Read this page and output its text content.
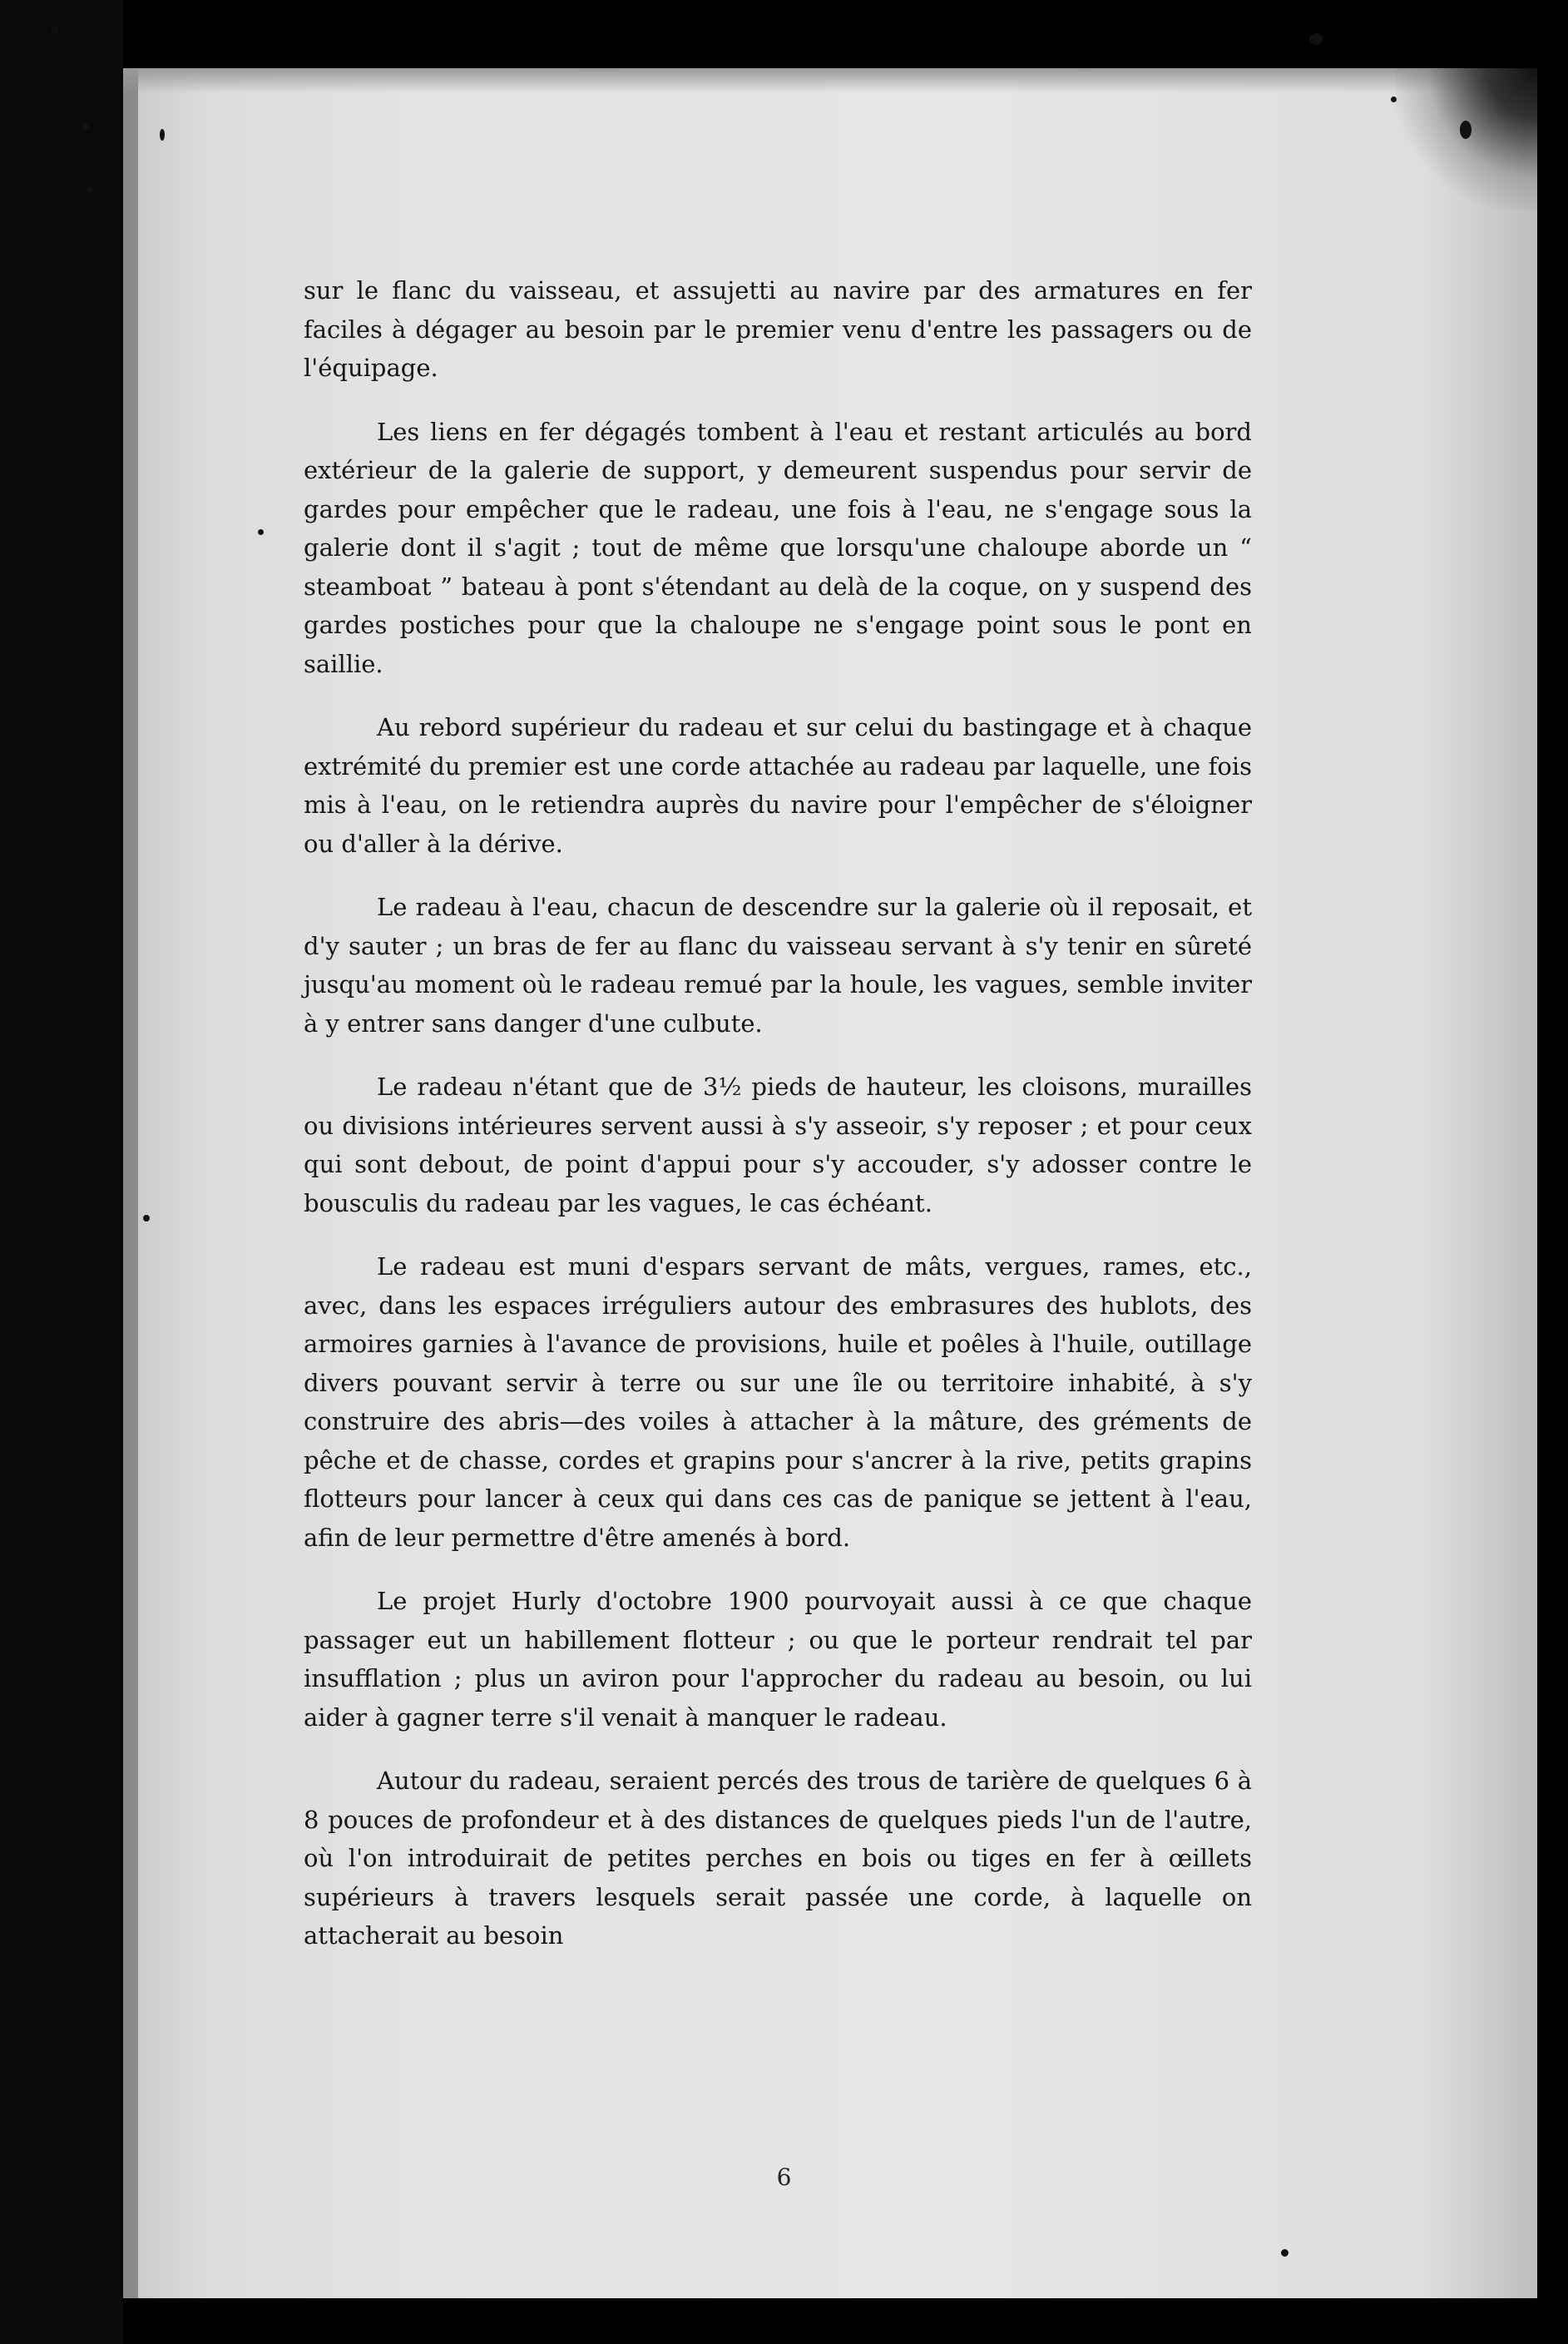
sur le flanc du vaisseau, et assujetti au navire par des armatures en fer faciles à dégager au besoin par le premier venu d'entre les passagers ou de l'équipage.

Les liens en fer dégagés tombent à l'eau et restant articulés au bord extérieur de la galerie de support, y demeurent suspendus pour servir de gardes pour empêcher que le radeau, une fois à l'eau, ne s'engage sous la galerie dont il s'agit ; tout de même que lorsqu'une chaloupe aborde un “ steamboat ” bateau à pont s'étendant au delà de la coque, on y suspend des gardes postiches pour que la chaloupe ne s'engage point sous le pont en saillie.

Au rebord supérieur du radeau et sur celui du bastingage et à chaque extrémité du premier est une corde attachée au radeau par laquelle, une fois mis à l'eau, on le retiendra auprès du navire pour l'empêcher de s'éloigner ou d'aller à la dérive.

Le radeau à l'eau, chacun de descendre sur la galerie où il reposait, et d'y sauter ; un bras de fer au flanc du vaisseau servant à s'y tenir en sûreté jusqu'au moment où le radeau remué par la houle, les vagues, semble inviter à y entrer sans danger d'une culbute.

Le radeau n'étant que de 3½ pieds de hauteur, les cloisons, murailles ou divisions intérieures servent aussi à s'y asseoir, s'y reposer ; et pour ceux qui sont debout, de point d'appui pour s'y accouder, s'y adosser contre le bousculis du radeau par les vagues, le cas échéant.

Le radeau est muni d'espars servant de mâts, vergues, rames, etc., avec, dans les espaces irréguliers autour des embrasures des hublots, des armoires garnies à l'avance de provisions, huile et poêles à l'huile, outillage divers pouvant servir à terre ou sur une île ou territoire inhabité, à s'y construire des abris—des voiles à attacher à la mâture, des gréments de pêche et de chasse, cordes et grapins pour s'ancrer à la rive, petits grapins flotteurs pour lancer à ceux qui dans ces cas de panique se jettent à l'eau, afin de leur permettre d'être amenés à bord.

Le projet Hurly d'octobre 1900 pourvoyait aussi à ce que chaque passager eut un habillement flotteur ; ou que le porteur rendrait tel par insufflation ; plus un aviron pour l'approcher du radeau au besoin, ou lui aider à gagner terre s'il venait à manquer le radeau.

Autour du radeau, seraient percés des trous de tarière de quelques 6 à 8 pouces de profondeur et à des distances de quelques pieds l'un de l'autre, où l'on introduirait de petites perches en bois ou tiges en fer à œillets supérieurs à travers lesquels serait passée une corde, à laquelle on attacherait au besoin

6
